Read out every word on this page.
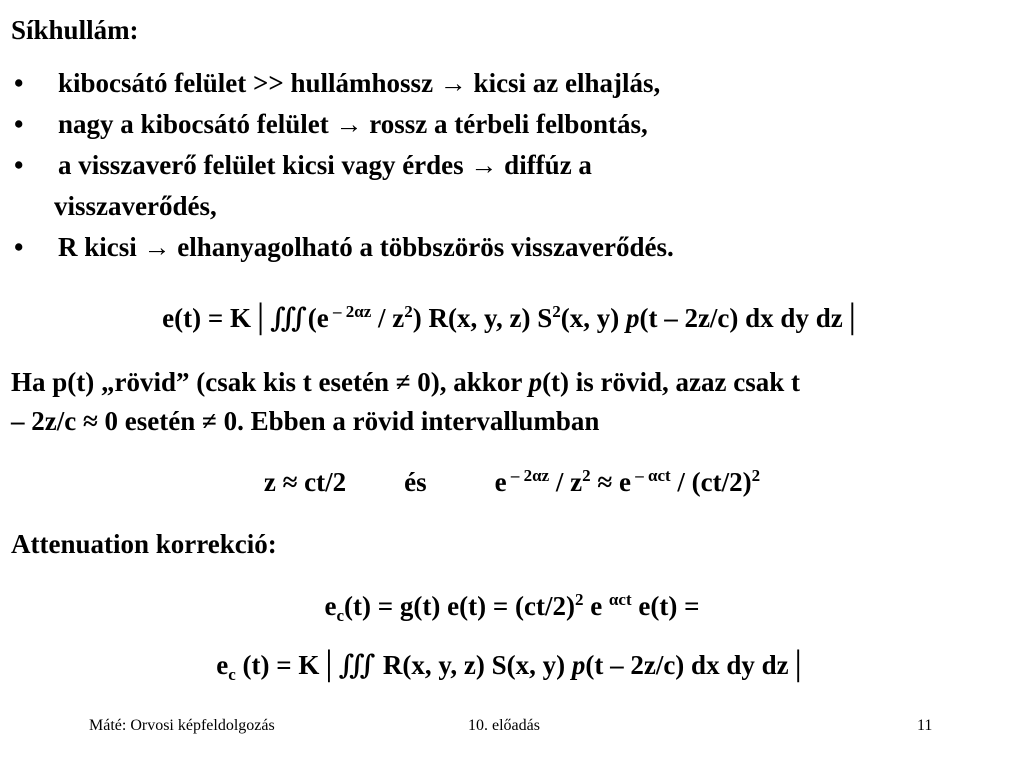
Síkhullám:
• kibocsátó felület >> hullámhossz → kicsi az elhajlás,
• nagy a kibocsátó felület → rossz a térbeli felbontás,
• a visszaverő felület kicsi vagy érdes → diffúz a
visszaverődés,
• R kicsi → elhanyagolható a többszörös visszaverődés.
e(t) = K│∭(e $^{- 2\alpha z} / z^2$) R(x, y, z) $S^2(x$, y) p(t – 2z/c) dx dy dz│
Ha p(t) „rövid” (csak kis t esetén ≠ 0), akkor p(t) is rövid, azaz csak t
– 2z/c ≈ 0 esetén ≠ 0. Ebben a rövid intervallumban
z ≈ ct/2 és	e $^{- 2\alpha z} / z^2 \approx e$ $^{- \alpha ct} / (ct/2)^2$
Attenuation korrekció:
$e_c(t) = g(t) e(t) = (ct/2)^2$ e $^{\alpha ct}$ e(t) =
$e_c$ (t) = K│∭ R(x, y, z) S(x, y) p(t – 2z/c) dx dy dz│
Máté: Orvosi képfeldolgozás	10. előadás	11
